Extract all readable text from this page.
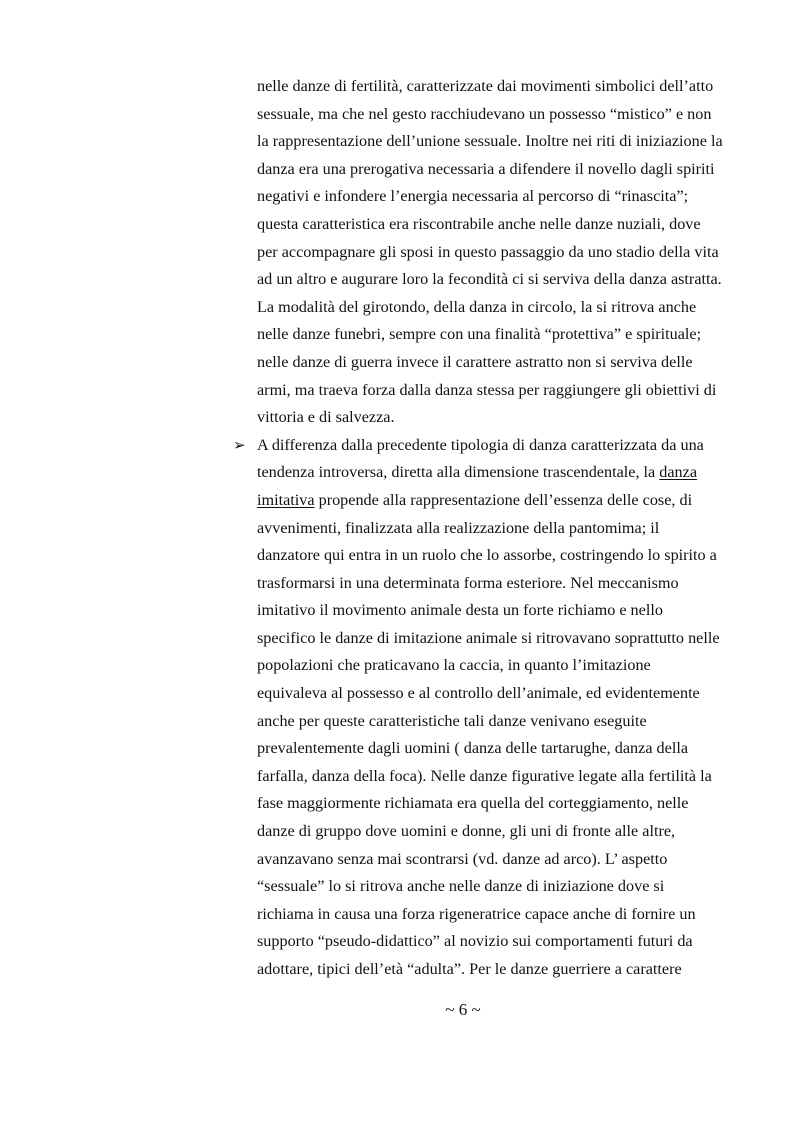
nelle danze di fertilità, caratterizzate dai movimenti simbolici dell’atto
sessuale, ma che nel gesto racchiudevano un possesso “mistico” e non
la rappresentazione dell’unione sessuale. Inoltre nei riti di iniziazione la
danza era una prerogativa necessaria a difendere il novello dagli spiriti
negativi e infondere l’energia necessaria al percorso di “rinascita”;
questa caratteristica era riscontrabile anche nelle danze nuziali, dove
per accompagnare gli sposi in questo passaggio da uno stadio della vita
ad un altro e augurare loro la fecondità ci si serviva della danza astratta.
La modalità del girotondo, della danza in circolo, la si ritrova anche
nelle danze funebri, sempre con una finalità “protettiva” e spirituale;
nelle danze di guerra invece il carattere astratto non si serviva delle
armi, ma traeva forza dalla danza stessa per raggiungere gli obiettivi di
vittoria e di salvezza.
A differenza dalla precedente tipologia di danza caratterizzata da una
tendenza introversa, diretta alla dimensione trascendentale, la danza
imitativa propende alla rappresentazione dell’essenza delle cose, di
avvenimenti, finalizzata alla realizzazione della pantomima; il
danzatore qui entra in un ruolo che lo assorbe, costringendo lo spirito a
trasformarsi in una determinata forma esteriore. Nel meccanismo
imitativo il movimento animale desta un forte richiamo e nello
specifico le danze di imitazione animale si ritrovavano soprattutto nelle
popolazioni che praticavano la caccia, in quanto l’imitazione
equivaleva al possesso e al controllo dell’animale, ed evidentemente
anche per queste caratteristiche tali danze venivano eseguite
prevalentemente dagli uomini ( danza delle tartarughe, danza della
farfalla, danza della foca). Nelle danze figurative legate alla fertilità la
fase maggiormente richiamata era quella del corteggiamento, nelle
danze di gruppo dove uomini e donne, gli uni di fronte alle altre,
avanzavano senza mai scontrarsi (vd. danze ad arco). L’ aspetto
“sessuale” lo si ritrova anche nelle danze di iniziazione dove si
richiama in causa una forza rigeneratrice capace anche di fornire un
supporto “pseudo-didattico” al novizio sui comportamenti futuri da
adottare, tipici dell’età “adulta”. Per le danze guerriere a carattere
➢
~ 6 ~
